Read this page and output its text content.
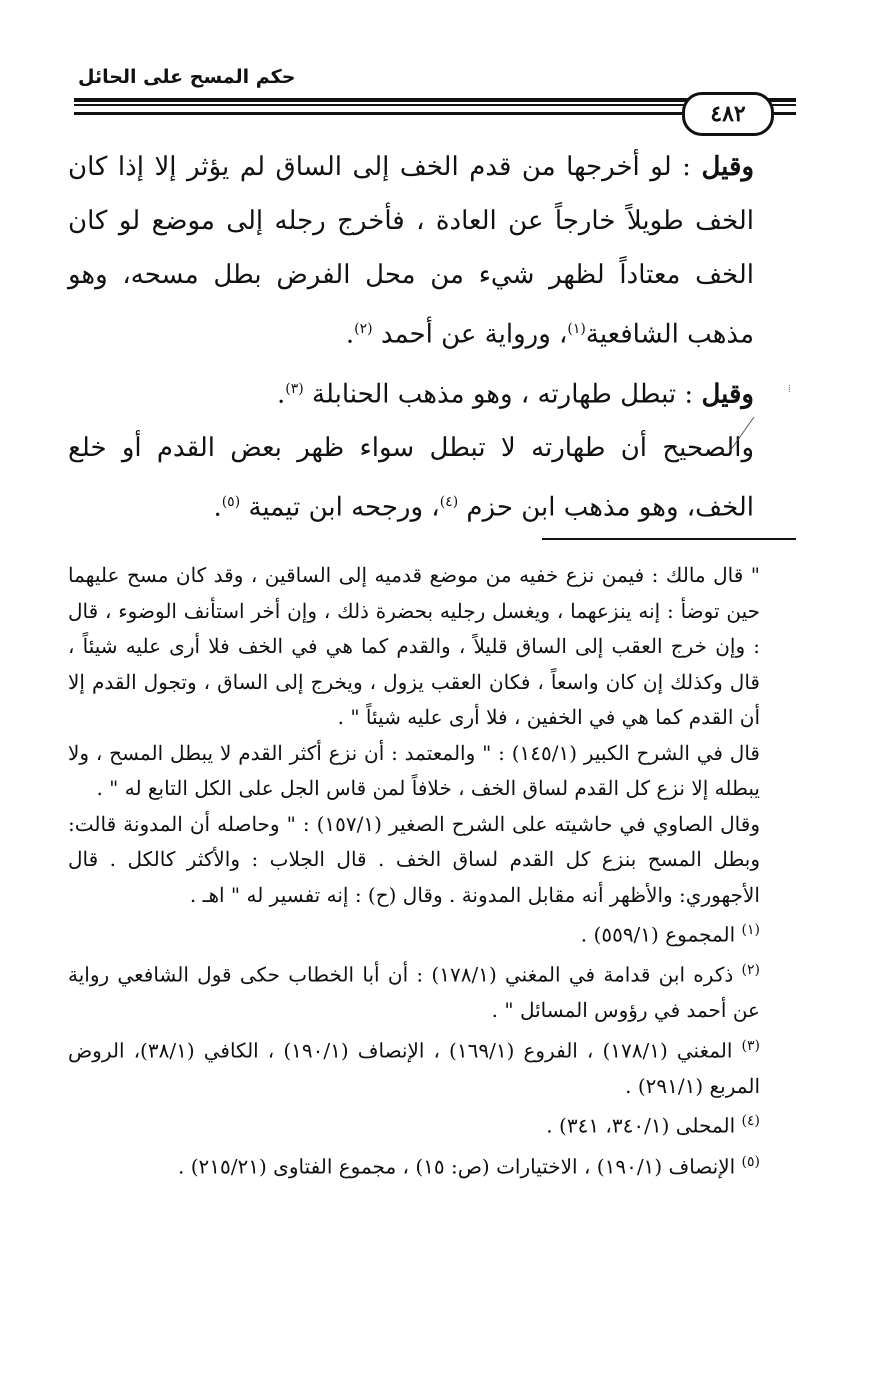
حكم المسح على الحائل
٤٨٢

وقيل : لو أخرجها من قدم الخف إلى الساق لم يؤثر إلا إذا كان الخف طويلاً خارجاً عن العادة ، فأخرج رجله إلى موضع لو كان الخف معتاداً لظهر شيء من محل الفرض بطل مسحه، وهو مذهب الشافعية$^{(١)}$، ورواية عن أحمد $^{(٢)}$.

وقيل : تبطل طهارته ، وهو مذهب الحنابلة $^{(٣)}$.

والصحيح أن طهارته لا تبطل سواء ظهر بعض القدم أو خلع الخف، وهو مذهب ابن حزم $^{(٤)}$، ورجحه ابن تيمية $^{(٥)}$.

" قال مالك : فيمن نزع خفيه من موضع قدميه إلى الساقين ، وقد كان مسح عليهما حين توضأ : إنه ينزعهما ، ويغسل رجليه بحضرة ذلك ، وإن أخر استأنف الوضوء ، قال : وإن خرج العقب إلى الساق قليلاً ، والقدم كما هي في الخف فلا أرى عليه شيئاً ، قال وكذلك إن كان واسعاً ، فكان العقب يزول ، ويخرج إلى الساق ، وتجول القدم إلا أن القدم كما هي في الخفين ، فلا أرى عليه شيئاً " .

قال في الشرح الكبير (١٤٥/١) : " والمعتمد : أن نزع أكثر القدم لا يبطل المسح ، ولا يبطله إلا نزع كل القدم لساق الخف ، خلافاً لمن قاس الجل على الكل التابع له " .

وقال الصاوي في حاشيته على الشرح الصغير (١٥٧/١) : " وحاصله أن المدونة قالت: وبطل المسح بنزع كل القدم لساق الخف . قال الجلاب : والأكثر كالكل . قال الأجهوري: والأظهر أنه مقابل المدونة . وقال (ح) : إنه تفسير له " اهـ .

$^{(١)}$ المجموع (٥٥٩/١) .

$^{(٢)}$ ذكره ابن قدامة في المغني (١٧٨/١) : أن أبا الخطاب حكى قول الشافعي رواية عن أحمد في رؤوس المسائل " .

$^{(٣)}$ المغني (١٧٨/١) ، الفروع (١٦٩/١) ، الإنصاف (١٩٠/١) ، الكافي (٣٨/١)، الروض المربع (٢٩١/١) .

$^{(٤)}$ المحلى (٣٤٠/١، ٣٤١) .

$^{(٥)}$ الإنصاف (١٩٠/١) ، الاختيارات (ص: ١٥) ، مجموع الفتاوى (٢١٥/٢١) .

⁞
